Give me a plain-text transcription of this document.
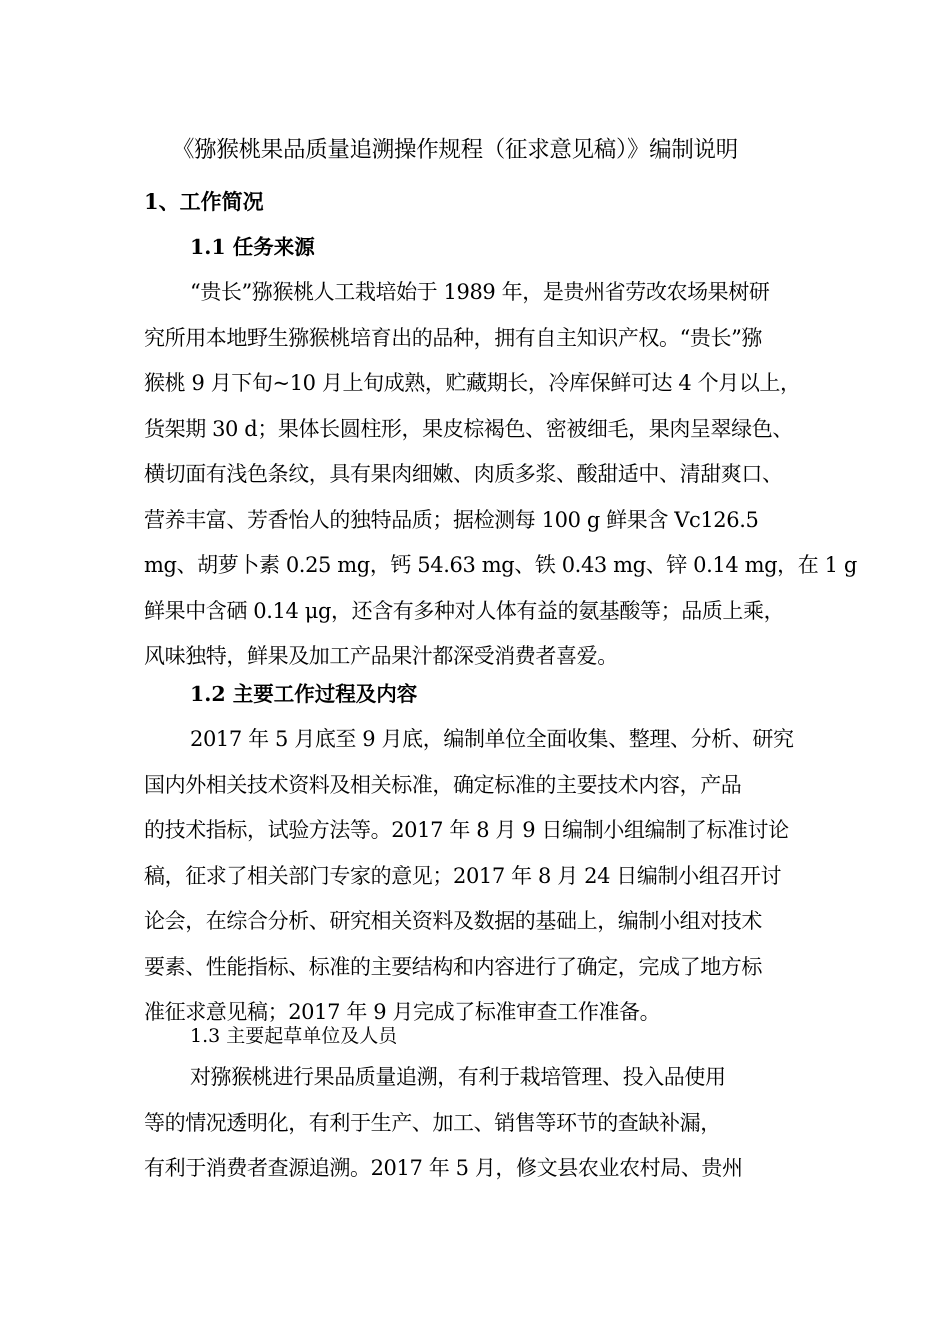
《猕猴桃果品质量追溯操作规程（征求意见稿）》编制说明
1、工作简况
1.1 任务来源
“贵长”猕猴桃人工栽培始于 1989 年，是贵州省劳改农场果树研
究所用本地野生猕猴桃培育出的品种，拥有自主知识产权。“贵长”猕
猴桃 9 月下旬~10 月上旬成熟，贮藏期长，冷库保鲜可达 4 个月以上，
货架期 30 d；果体长圆柱形，果皮棕褐色、密被细毛，果肉呈翠绿色、
横切面有浅色条纹，具有果肉细嫩、肉质多浆、酸甜适中、清甜爽口、
营养丰富、芳香怡人的独特品质；据检测每 100 g 鲜果含 Vc126.5
mg、胡萝卜素 0.25 mg，钙 54.63 mg、铁 0.43 mg、锌 0.14 mg，在 1 g
鲜果中含硒 0.14 μg，还含有多种对人体有益的氨基酸等；品质上乘，
风味独特，鲜果及加工产品果汁都深受消费者喜爱。
1.2 主要工作过程及内容
2017 年 5 月底至 9 月底，编制单位全面收集、整理、分析、研究
国内外相关技术资料及相关标准，确定标准的主要技术内容，产品
的技术指标，试验方法等。2017 年 8 月 9 日编制小组编制了标准讨论
稿，征求了相关部门专家的意见；2017 年 8 月 24 日编制小组召开讨
论会，在综合分析、研究相关资料及数据的基础上，编制小组对技术
要素、性能指标、标准的主要结构和内容进行了确定，完成了地方标
准征求意见稿；2017 年 9 月完成了标准审查工作准备。
1.3 主要起草单位及人员
对猕猴桃进行果品质量追溯，有利于栽培管理、投入品使用
等的情况透明化，有利于生产、加工、销售等环节的查缺补漏，
有利于消费者查源追溯。2017 年 5 月，修文县农业农村局、贵州
